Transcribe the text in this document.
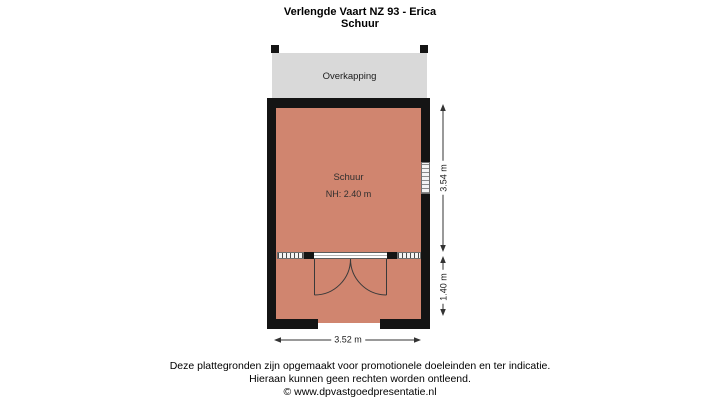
Verlengde Vaart NZ 93 - Erica
Schuur
Overkapping
Schuur
NH: 2.40 m
3.54 m
1.40 m
3.52 m
Deze plattegronden zijn opgemaakt voor promotionele doeleinden en ter indicatie.
Hieraan kunnen geen rechten worden ontleend.
© www.dpvastgoedpresentatie.nl
